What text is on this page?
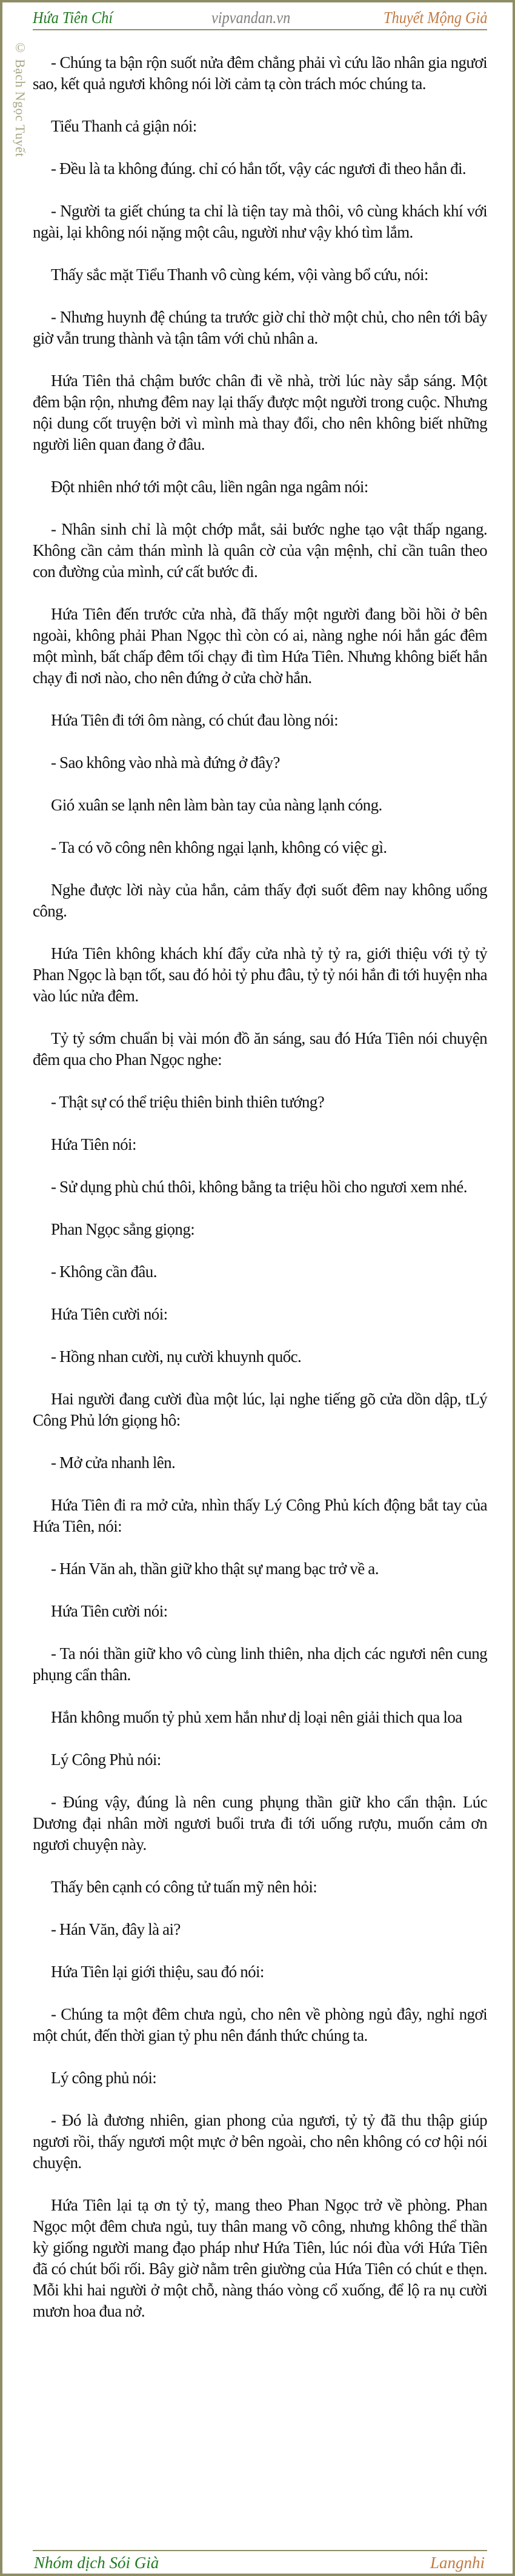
Hứa Tiên Chí	vipvandan.vn	Thuyết Mộng Giả
© Bạch Ngọc Tuyết	- Chúng ta bận rộn suốt nửa đêm chẳng phải vì cứu lão nhân gia ngươi sao, kết quả ngươi không nói lời cảm tạ còn trách móc chúng ta.

Tiểu Thanh cả giận nói:

- Đều là ta không đúng. chỉ có hắn tốt, vậy các ngươi đi theo hắn đi.

- Người ta giết chúng ta chỉ là tiện tay mà thôi, vô cùng khách khí với ngài, lại không nói nặng một câu, người như vậy khó tìm lắm.

Thấy sắc mặt Tiểu Thanh vô cùng kém, vội vàng bổ cứu, nói:

- Nhưng huynh đệ chúng ta trước giờ chỉ thờ một chủ, cho nên tới bây giờ vẫn trung thành và tận tâm với chủ nhân a.

Hứa Tiên thả chậm bước chân đi về nhà, trời lúc này sắp sáng. Một đêm bận rộn, nhưng đêm nay lại thấy được một người trong cuộc. Nhưng nội dung cốt truyện bởi vì mình mà thay đổi, cho nên không biết những người liên quan đang ở đâu.

Đột nhiên nhớ tới một câu, liền ngân nga ngâm nói:

- Nhân sinh chỉ là một chớp mắt, sải bước nghe tạo vật thấp ngang. Không cần cảm thán mình là quân cờ của vận mệnh, chỉ cần tuân theo con đường của mình, cứ cất bước đi.

Hứa Tiên đến trước cửa nhà, đã thấy một người đang bồi hồi ở bên ngoài, không phải Phan Ngọc thì còn có ai, nàng nghe nói hắn gác đêm một mình, bất chấp đêm tối chạy đi tìm Hứa Tiên. Nhưng không biết hắn chạy đi nơi nào, cho nên đứng ở cửa chờ hắn.

Hứa Tiên đi tới ôm nàng, có chút đau lòng nói:

- Sao không vào nhà mà đứng ở đây?

Gió xuân se lạnh nên làm bàn tay của nàng lạnh cóng.

- Ta có võ công nên không ngại lạnh, không có việc gì.

Nghe được lời này của hắn, cảm thấy đợi suốt đêm nay không uổng công.

Hứa Tiên không khách khí đẩy cửa nhà tỷ tỷ ra, giới thiệu với tỷ tỷ Phan Ngọc là bạn tốt, sau đó hỏi tỷ phu đâu, tỷ tỷ nói hắn đi tới huyện nha vào lúc nửa đêm.

Tỷ tỷ sớm chuẩn bị vài món đồ ăn sáng, sau đó Hứa Tiên nói chuyện đêm qua cho Phan Ngọc nghe:

- Thật sự có thể triệu thiên binh thiên tướng?

Hứa Tiên nói:

- Sử dụng phù chú thôi, không bằng ta triệu hồi cho ngươi xem nhé.

Phan Ngọc sẳng giọng:

- Không cần đâu.

Hứa Tiên cười nói:

- Hồng nhan cười, nụ cười khuynh quốc.

Hai người đang cười đùa một lúc, lại nghe tiếng gõ cửa dồn dập, tLý Công Phủ lớn giọng hô:

- Mở cửa nhanh lên.

Hứa Tiên đi ra mở cửa, nhìn thấy Lý Công Phủ kích động bắt tay của Hứa Tiên, nói:

- Hán Văn ah, thần giữ kho thật sự mang bạc trở về a.

Hứa Tiên cười nói:

- Ta nói thần giữ kho vô cùng linh thiên, nha dịch các ngươi nên cung phụng cẩn thân.

Hắn không muốn tỷ phủ xem hắn như dị loại nên giải thich qua loa

Lý Công Phủ nói:

- Đúng vậy, đúng là nên cung phụng thần giữ kho cẩn thận. Lúc Dương đại nhân mời ngươi buổi trưa đi tới uống rượu, muốn cảm ơn ngươi chuyện này.

Thấy bên cạnh có công tử tuấn mỹ nên hỏi:

- Hán Văn, đây là ai?

Hứa Tiên lại giới thiệu, sau đó nói:

- Chúng ta một đêm chưa ngủ, cho nên về phòng ngủ đây, nghỉ ngơi một chút, đến thời gian tỷ phu nên đánh thức chúng ta.

Lý công phủ nói:

- Đó là đương nhiên, gian phong của ngươi, tỷ tỷ đã thu thập giúp ngươi rồi, thấy ngươi một mực ở bên ngoài, cho nên không có cơ hội nói chuyện.

Hứa Tiên lại tạ ơn tỷ tỷ, mang theo Phan Ngọc trở về phòng. Phan Ngọc một đêm chưa ngủ, tuy thân mang võ công, nhưng không thể thần kỳ giống người mang đạo pháp như Hứa Tiên, lúc nói đùa với Hứa Tiên đã có chút bối rối. Bây giờ nằm trên giường của Hứa Tiên có chút e thẹn. Mỗi khi hai người ở một chỗ, nàng tháo vòng cổ xuống, để lộ ra nụ cười mươn hoa đua nở.

Nhóm dịch Sói Già	Langnhi
